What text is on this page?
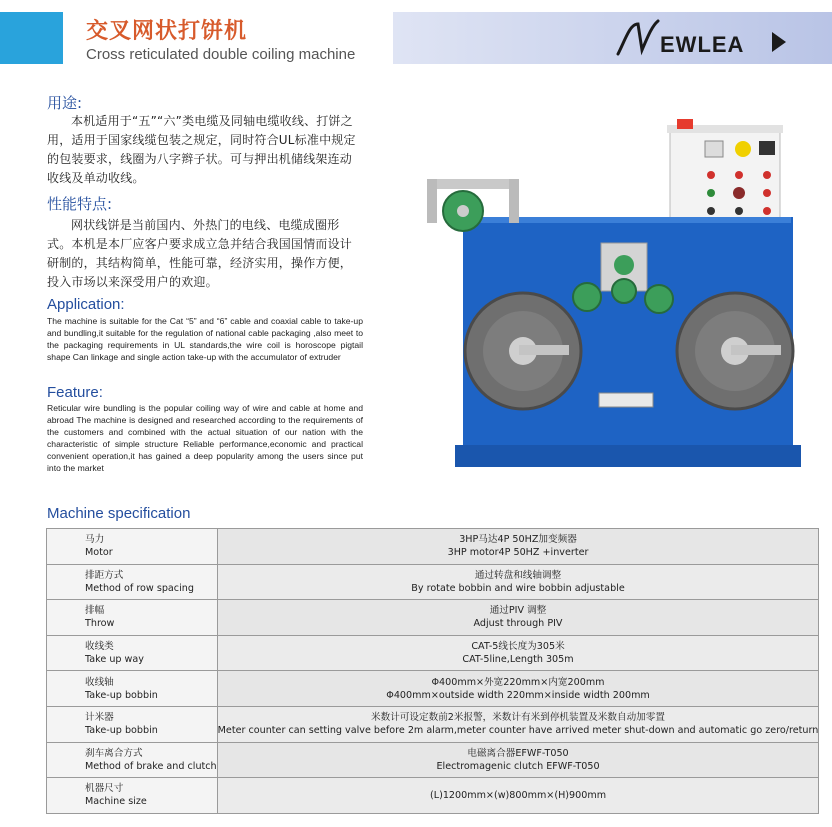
交叉网状打饼机
Cross reticulated double coiling machine	EWLEA
用途:
本机适用于“五”“六”类电缆及同轴电缆收线、打饼之用，适用于国家线缆包装之规定，同时符合UL标准中规定的包装要求，线圈为八字辫子状。可与押出机储线架连动收线及单动收线。
性能特点:
网状线饼是当前国内、外热门的电线、电缆成圈形式。本机是本厂应客户要求成立急并结合我国国情而设计研制的，其结构简单，性能可靠，经济实用，操作方便，投入市场以来深受用户的欢迎。
Application:
The machine is suitable for the Cat “5” and “6” cable and coaxial cable to take-up and bundling,it suitable for the regulation of national cable packaging ,also meet to the packaging requirements in UL standards,the wire coil is horoscope pigtail shape Can linkage and single action take-up with the accumulator of extruder
Feature:
Reticular wire bundling is the popular coiling way of wire and cable at home and abroad The machine is designed and researched according to the requirements of the customers and combined with the actual situation of our nation with the characteristic of simple structure Reliable performance,economic and practical convenient operation,it has gained a deep popularity among the users since put into the market
Machine specification
马力
Motor	3HP马达4P 50HZ加变频器
3HP motor4P 50HZ +inverter

排距方式
Method of row spacing	通过转盘和线轴调整
By rotate bobbin and wire bobbin adjustable

排幅
Throw	通过PIV 调整
Adjust through PIV

收线类
Take up way	CAT-5线长度为305米
CAT-5line,Length 305m

收线轴
Take-up bobbin	Φ400mm×外宽220mm×内宽200mm
Φ400mm×outside width 220mm×inside width 200mm

计米器
Take-up bobbin	米数计可设定数前2米报警，米数计有米到停机装置及米数自动加零置
Meter counter can setting valve before 2m alarm,meter counter have arrived meter shut-down and automatic go zero/return

刹车离合方式
Method of brake and clutch	电磁离合器EFWF-T050
Electromagenic clutch EFWF-T050

机器尺寸
Machine size	(L)1200mm×(w)800mm×(H)900mm
